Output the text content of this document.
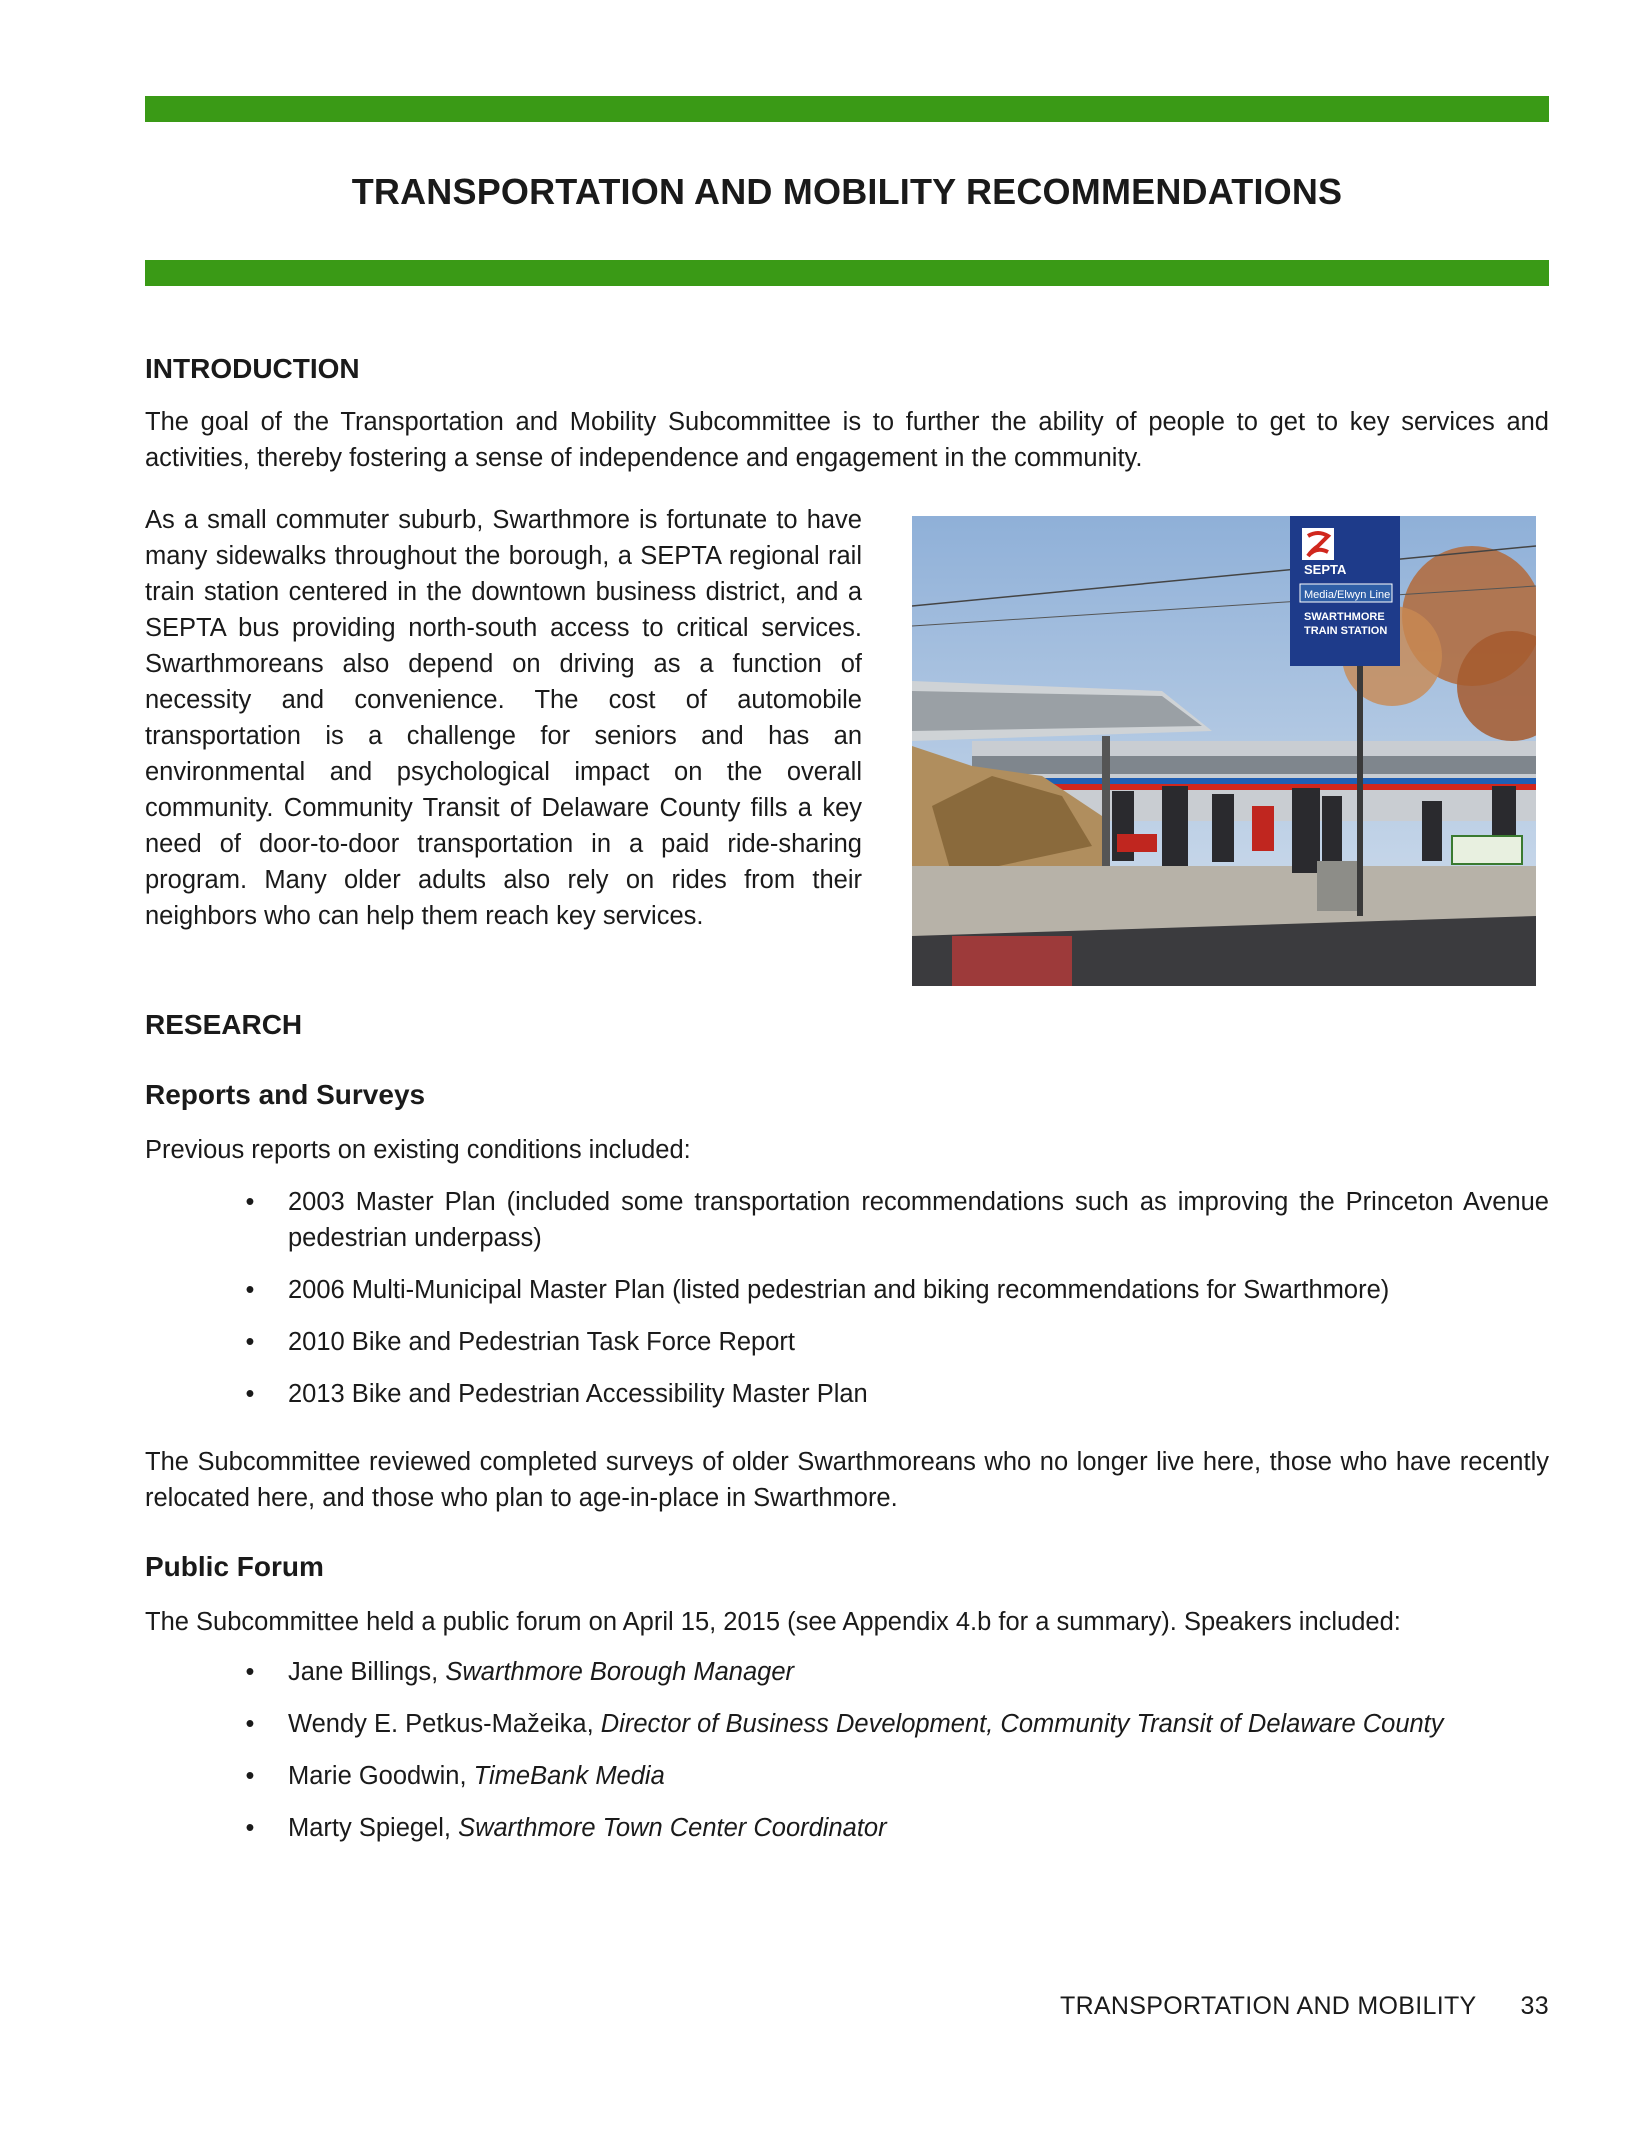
TRANSPORTATION AND MOBILITY RECOMMENDATIONS
INTRODUCTION

The goal of the Transportation and Mobility Subcommittee is to further the ability of people to get to key services and activities, thereby fostering a sense of independence and engagement in the community.

As a small commuter suburb, Swarthmore is fortunate to have many sidewalks throughout the borough, a SEPTA regional rail train station centered in the downtown business district, and a SEPTA bus providing north-south access to critical services. Swarthmoreans also depend on driving as a function of necessity and convenience. The cost of automobile transportation is a challenge for seniors and has an environmental and psychological impact on the overall community. Community Transit of Delaware County fills a key need of door-to-door transportation in a paid ride-sharing program. Many older adults also rely on rides from their neighbors who can help them reach key services.

SEPTA
Media/Elwyn Line
SWARTHMORE
TRAIN STATION
RESEARCH
Reports and Surveys

Previous reports on existing conditions included:

• 2003 Master Plan (included some transportation recommendations such as improving the Princeton Avenue pedestrian underpass)
• 2006 Multi-Municipal Master Plan (listed pedestrian and biking recommendations for Swarthmore)
• 2010 Bike and Pedestrian Task Force Report
• 2013 Bike and Pedestrian Accessibility Master Plan

The Subcommittee reviewed completed surveys of older Swarthmoreans who no longer live here, those who have recently relocated here, and those who plan to age-in-place in Swarthmore.

Public Forum

The Subcommittee held a public forum on April 15, 2015 (see Appendix 4.b for a summary). Speakers included:

• Jane Billings, Swarthmore Borough Manager
• Wendy E. Petkus-Mažeika, Director of Business Development, Community Transit of Delaware County
• Marie Goodwin, TimeBank Media
• Marty Spiegel, Swarthmore Town Center Coordinator
TRANSPORTATION AND MOBILITY 33
